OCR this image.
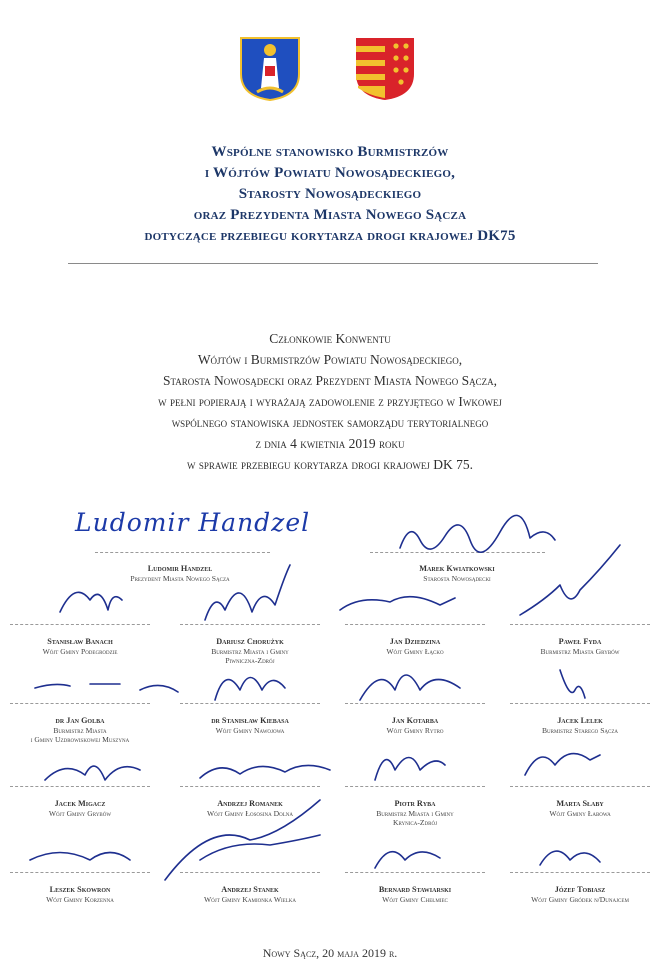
Wspólne stanowisko Burmistrzów
i Wójtów Powiatu Nowosądeckiego,
Starosty Nowosądeckiego
oraz Prezydenta Miasta Nowego Sącza
dotyczące przebiegu korytarza drogi krajowej DK75
Członkowie Konwentu
Wójtów i Burmistrzów Powiatu Nowosądeckiego,
Starosta Nowosądecki oraz Prezydent Miasta Nowego Sącza,
w pełni popierają i wyrażają zadowolenie z przyjętego w Iwkowej
wspólnego stanowiska jednostek samorządu terytorialnego
z dnia 4 kwietnia 2019 roku
w sprawie przebiegu korytarza drogi krajowej DK 75.
Ludomir Handzel
Ludomir Handzel
Prezydent Miasta Nowego Sącza
Marek Kwiatkowski
Starosta Nowosądecki
Stanisław Banach
Wójt Gminy Podegrodzie
Dariusz Chorużyk
Burmistrz Miasta i Gminy
Piwniczna-Zdrój
Jan Dziedzina
Wójt Gminy Łącko
Paweł Fyda
Burmistrz Miasta Grybów
dr Jan Golba
Burmistrz Miasta
i Gminy Uzdrowiskowej Muszyna
dr Stanisław Kiebasa
Wójt Gminy Nawojowa
Jan Kotarba
Wójt Gminy Rytro
Jacek Lelek
Burmistrz Starego Sącza
Jacek Migacz
Wójt Gminy Grybów
Andrzej Romanek
Wójt Gminy Łososina Dolna
Piotr Ryba
Burmistrz Miasta i Gminy
Krynica-Zdrój
Marta Słaby
Wójt Gminy Łabowa
Leszek Skowron
Wójt Gminy Korzenna
Andrzej Stanek
Wójt Gminy Kamionka Wielka
Bernard Stawiarski
Wójt Gminy Chełmiec
Józef Tobiasz
Wójt Gminy Gródek n/Dunajcem
Nowy Sącz, 20 maja 2019 r.
